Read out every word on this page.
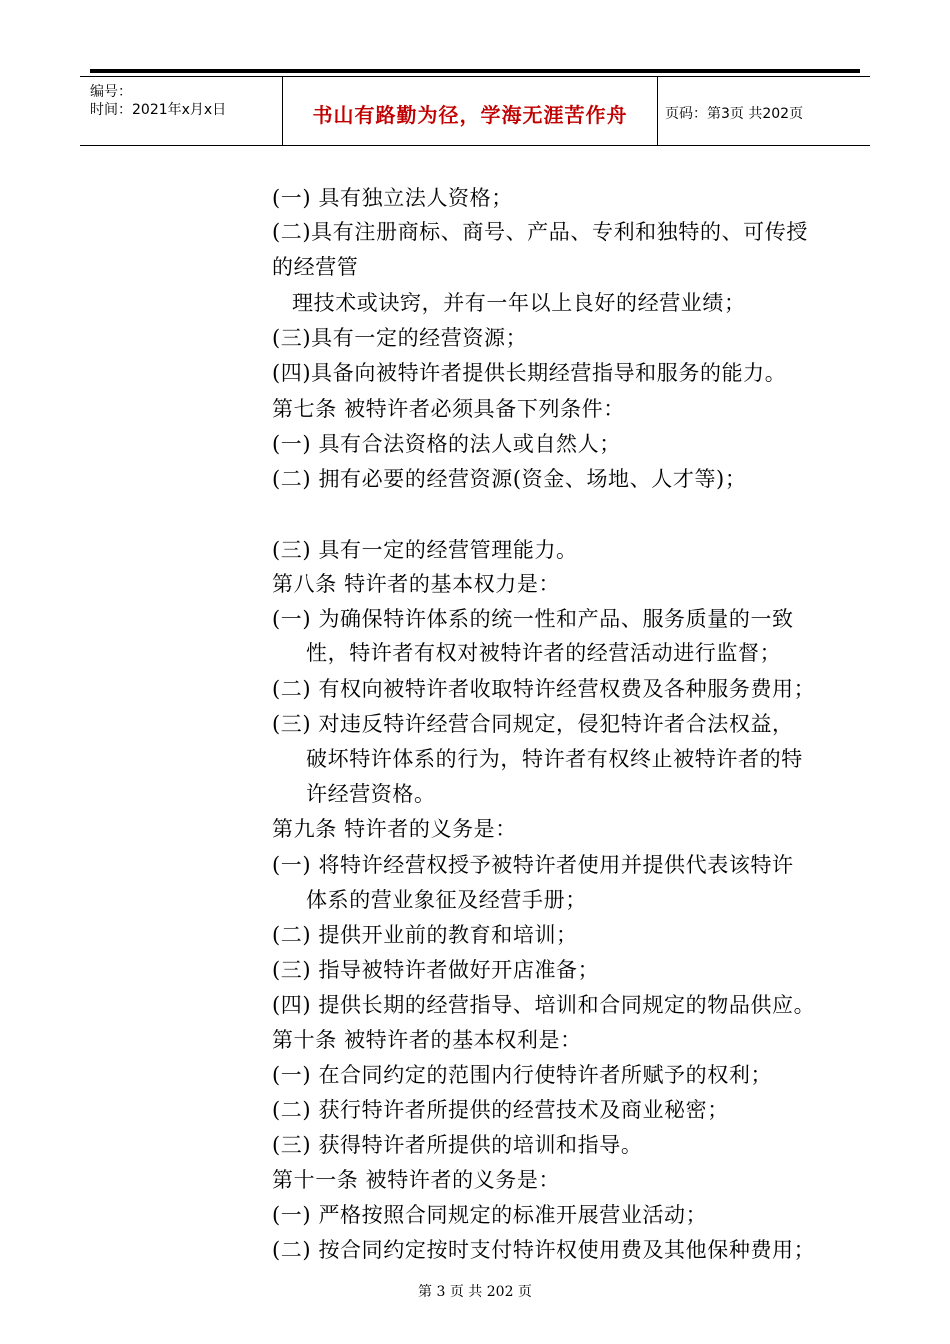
编号：
时间：2021年x月x日	书山有路勤为径，学海无涯苦作舟	页码：第3页 共202页
(一) 具有独立法人资格；
(二)具有注册商标、商号、产品、专利和独特的、可传授
的经营管
理技术或诀窍，并有一年以上良好的经营业绩；
(三)具有一定的经营资源；
(四)具备向被特许者提供长期经营指导和服务的能力。
第七条 被特许者必须具备下列条件：
(一) 具有合法资格的法人或自然人；
(二) 拥有必要的经营资源(资金、场地、人才等)；
(三) 具有一定的经营管理能力。
第八条 特许者的基本权力是：
(一) 为确保特许体系的统一性和产品、服务质量的一致
性，特许者有权对被特许者的经营活动进行监督；
(二) 有权向被特许者收取特许经营权费及各种服务费用；
(三) 对违反特许经营合同规定，侵犯特许者合法权益，
破坏特许体系的行为，特许者有权终止被特许者的特
许经营资格。
第九条 特许者的义务是：
(一) 将特许经营权授予被特许者使用并提供代表该特许
体系的营业象征及经营手册；
(二) 提供开业前的教育和培训；
(三) 指导被特许者做好开店准备；
(四) 提供长期的经营指导、培训和合同规定的物品供应。
第十条 被特许者的基本权利是：
(一) 在合同约定的范围内行使特许者所赋予的权利；
(二) 获行特许者所提供的经营技术及商业秘密；
(三) 获得特许者所提供的培训和指导。
第十一条 被特许者的义务是：
(一) 严格按照合同规定的标准开展营业活动；
(二) 按合同约定按时支付特许权使用费及其他保种费用；
第 3 页 共 202 页
